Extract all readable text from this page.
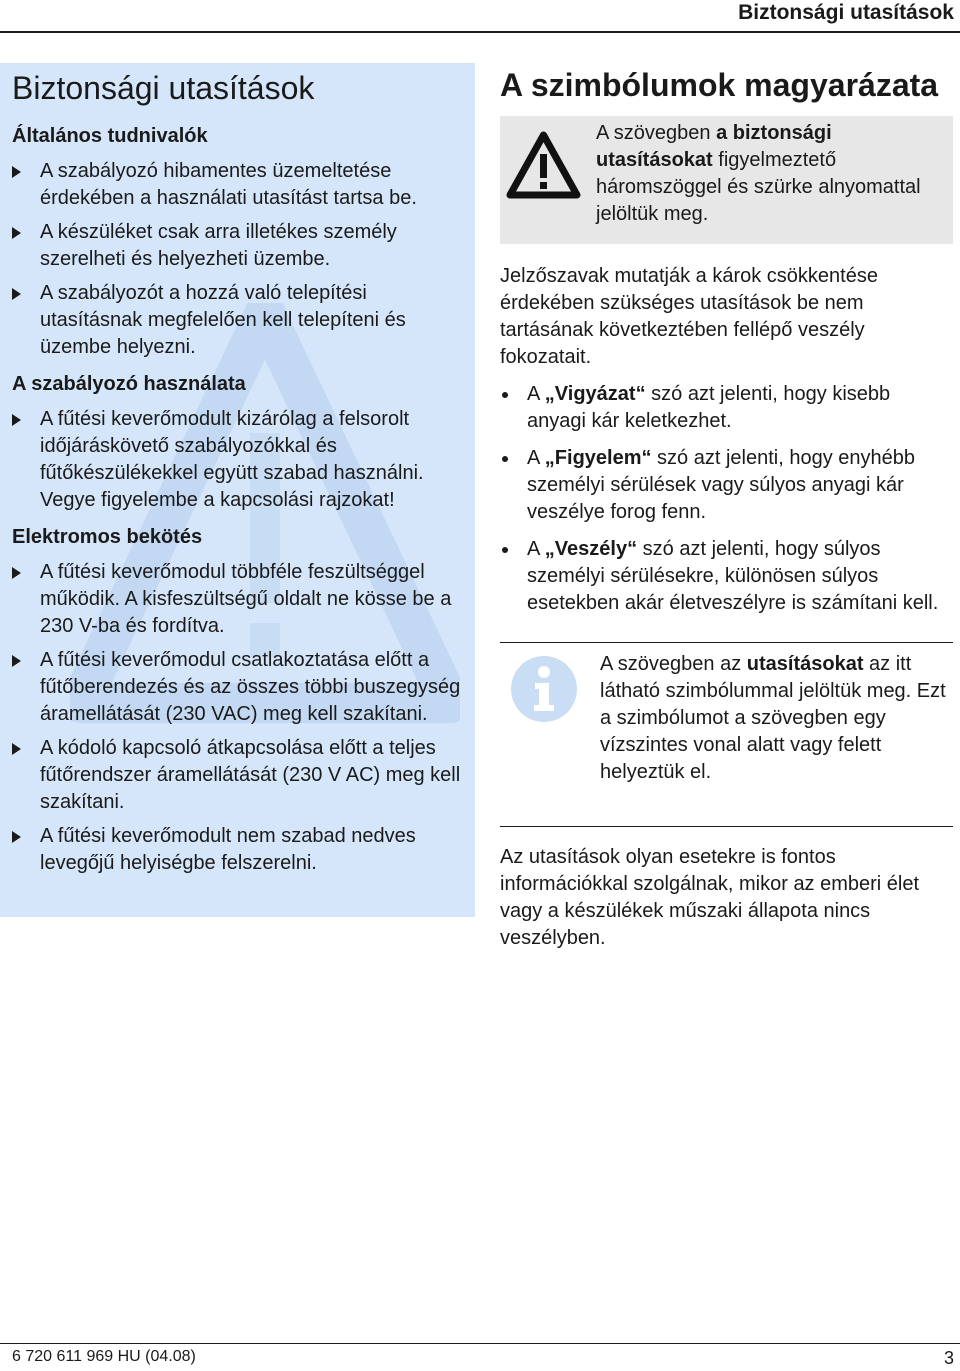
Biztonsági utasítások
Biztonsági utasítások
Általános tudnivalók
A szabályozó hibamentes üzemeltetése érdekében a használati utasítást tartsa be.
A készüléket csak arra illetékes személy szerelheti és helyezheti üzembe.
A szabályozót a hozzá való telepítési utasításnak megfelelően kell telepíteni és üzembe helyezni.
A szabályozó használata
A fűtési keverőmodult kizárólag a felsorolt időjáráskövető szabályozókkal és fűtőkészülékekkel együtt szabad használni. Vegye figyelembe a kapcsolási rajzokat!
Elektromos bekötés
A fűtési keverőmodul többféle feszültséggel működik. A kisfeszültségű oldalt ne kösse be a 230 V-ba és fordítva.
A fűtési keverőmodul csatlakoztatása előtt a fűtőberendezés és az összes többi buszegység áramellátását (230 VAC) meg kell szakítani.
A kódoló kapcsoló átkapcsolása előtt a teljes fűtőrendszer áramellátását (230 V AC) meg kell szakítani.
A fűtési keverőmodult nem szabad nedves levegőjű helyiségbe felszerelni.
A szimbólumok magyarázata
A szövegben a biztonsági utasításokat figyelmeztető háromszöggel és szürke alnyomattal jelöltük meg.

Jelzőszavak mutatják a károk csökkentése érdekében szükséges utasítások be nem tartásának következtében fellépő veszély fokozatait.

A „Vigyázat“ szó azt jelenti, hogy kisebb anyagi kár keletkezhet.
A „Figyelem“ szó azt jelenti, hogy enyhébb személyi sérülések vagy súlyos anyagi kár veszélye forog fenn.
A „Veszély“ szó azt jelenti, hogy súlyos személyi sérülésekre, különösen súlyos esetekben akár életveszélyre is számítani kell.
A szövegben az utasításokat az itt látható szimbólummal jelöltük meg. Ezt a szimbólumot a szövegben egy vízszintes vonal alatt vagy felett helyeztük el.

Az utasítások olyan esetekre is fontos információkkal szolgálnak, mikor az emberi élet vagy a készülékek műszaki állapota nincs veszélyben.

6 720 611 969 HU (04.08)	3
